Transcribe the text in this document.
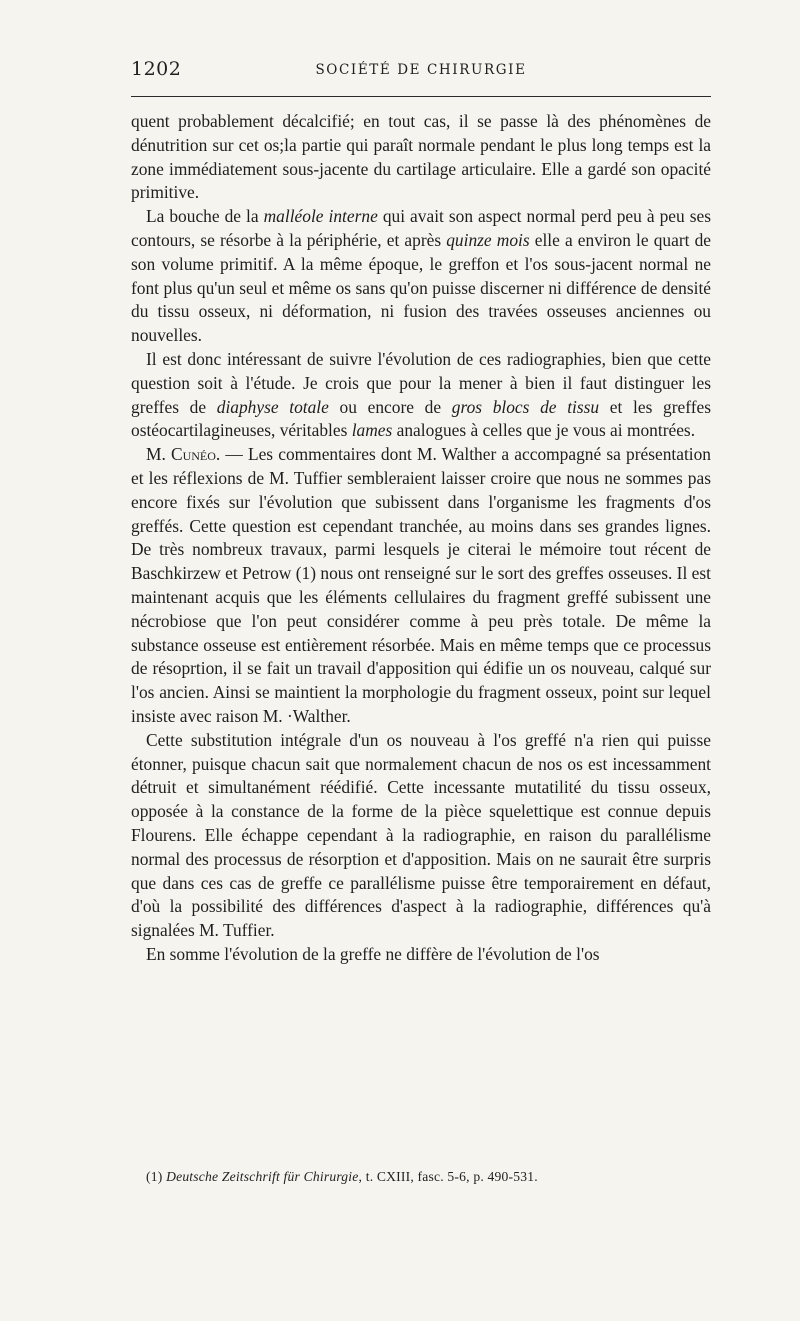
1202	SOCIÉTÉ DE CHIRURGIE

quent probablement décalcifié; en tout cas, il se passe là des phénomènes de dénutrition sur cet os;la partie qui paraît normale pendant le plus long temps est la zone immédiatement sous-jacente du cartilage articulaire. Elle a gardé son opacité primitive.

La bouche de la malléole interne qui avait son aspect normal perd peu à peu ses contours, se résorbe à la périphérie, et après quinze mois elle a environ le quart de son volume primitif. A la même époque, le greffon et l'os sous-jacent normal ne font plus qu'un seul et même os sans qu'on puisse discerner ni différence de densité du tissu osseux, ni déformation, ni fusion des travées osseuses anciennes ou nouvelles.

Il est donc intéressant de suivre l'évolution de ces radiographies, bien que cette question soit à l'étude. Je crois que pour la mener à bien il faut distinguer les greffes de diaphyse totale ou encore de gros blocs de tissu et les greffes ostéocartilagineuses, véritables lames analogues à celles que je vous ai montrées.

M. Cunéo. — Les commentaires dont M. Walther a accompagné sa présentation et les réflexions de M. Tuffier sembleraient laisser croire que nous ne sommes pas encore fixés sur l'évolution que subissent dans l'organisme les fragments d'os greffés. Cette question est cependant tranchée, au moins dans ses grandes lignes. De très nombreux travaux, parmi lesquels je citerai le mémoire tout récent de Baschkirzew et Petrow (1) nous ont renseigné sur le sort des greffes osseuses. Il est maintenant acquis que les éléments cellulaires du fragment greffé subissent une nécrobiose que l'on peut considérer comme à peu près totale. De même la substance osseuse est entièrement résorbée. Mais en même temps que ce processus de résoprtion, il se fait un travail d'apposition qui édifie un os nouveau, calqué sur l'os ancien. Ainsi se maintient la morphologie du fragment osseux, point sur lequel insiste avec raison M. ·Walther.

Cette substitution intégrale d'un os nouveau à l'os greffé n'a rien qui puisse étonner, puisque chacun sait que normalement chacun de nos os est incessamment détruit et simultanément réédifié. Cette incessante mutatilité du tissu osseux, opposée à la constance de la forme de la pièce squelettique est connue depuis Flourens. Elle échappe cependant à la radiographie, en raison du parallélisme normal des processus de résorption et d'apposition. Mais on ne saurait être surpris que dans ces cas de greffe ce parallélisme puisse être temporairement en défaut, d'où la possibilité des différences d'aspect à la radiographie, différences qu'à signalées M. Tuffier.

En somme l'évolution de la greffe ne diffère de l'évolution de l'os

(1) Deutsche Zeitschrift für Chirurgie, t. CXIII, fasc. 5-6, p. 490-531.
